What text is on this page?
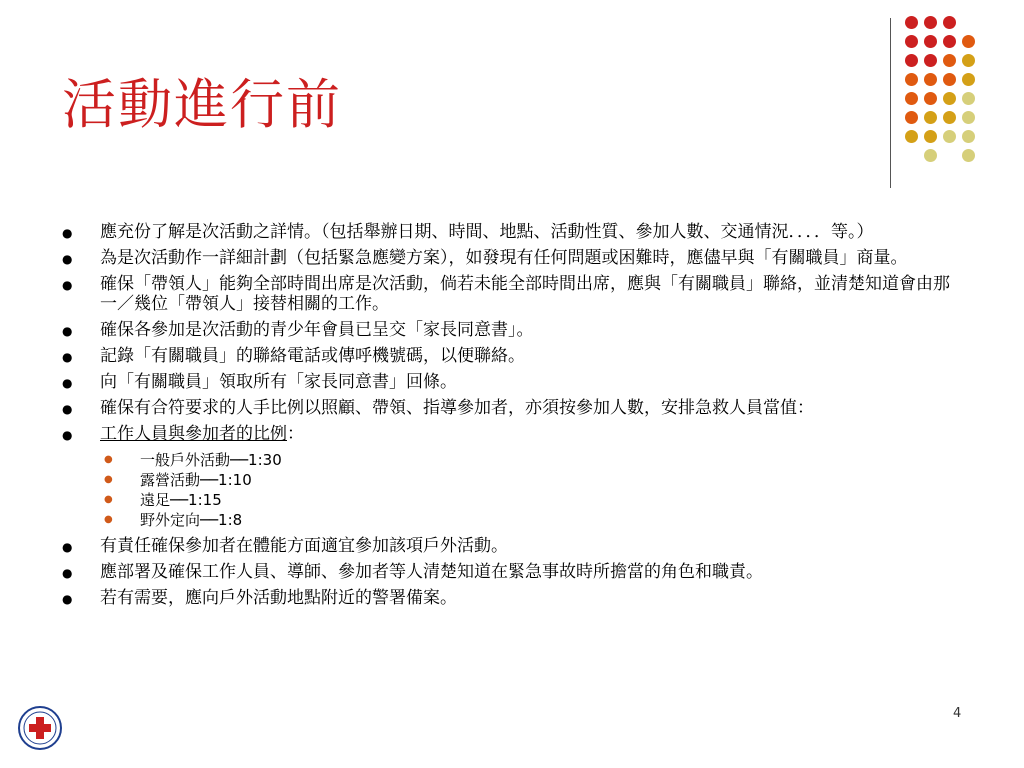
活動進行前
● 應充份了解是次活動之詳情。（包括舉辦日期、時間、地點、活動性質、參加人數、交通情況．．．．等。）
● 為是次活動作一詳細計劃（包括緊急應變方案），如發現有任何問題或困難時，應儘早與「有關職員」商量。
● 確保「帶領人」能夠全部時間出席是次活動，倘若未能全部時間出席，應與「有關職員」聯絡，並清楚知道會由那一／幾位「帶領人」接替相關的工作。
● 確保各參加是次活動的青少年會員已呈交「家長同意書」。
● 記錄「有關職員」的聯絡電話或傳呼機號碼，以便聯絡。
● 向「有關職員」領取所有「家長同意書」回條。
● 確保有合符要求的人手比例以照顧、帶領、指導參加者，亦須按參加人數，安排急救人員當值：
● 工作人員與參加者的比例：
● 一般戶外活動──1:30
● 露營活動──1:10
● 遠足──1:15
● 野外定向──1:8
● 有責任確保參加者在體能方面適宜參加該項戶外活動。
● 應部署及確保工作人員、導師、參加者等人清楚知道在緊急事故時所擔當的角色和職責。
● 若有需要，應向戶外活動地點附近的警署備案。
4
